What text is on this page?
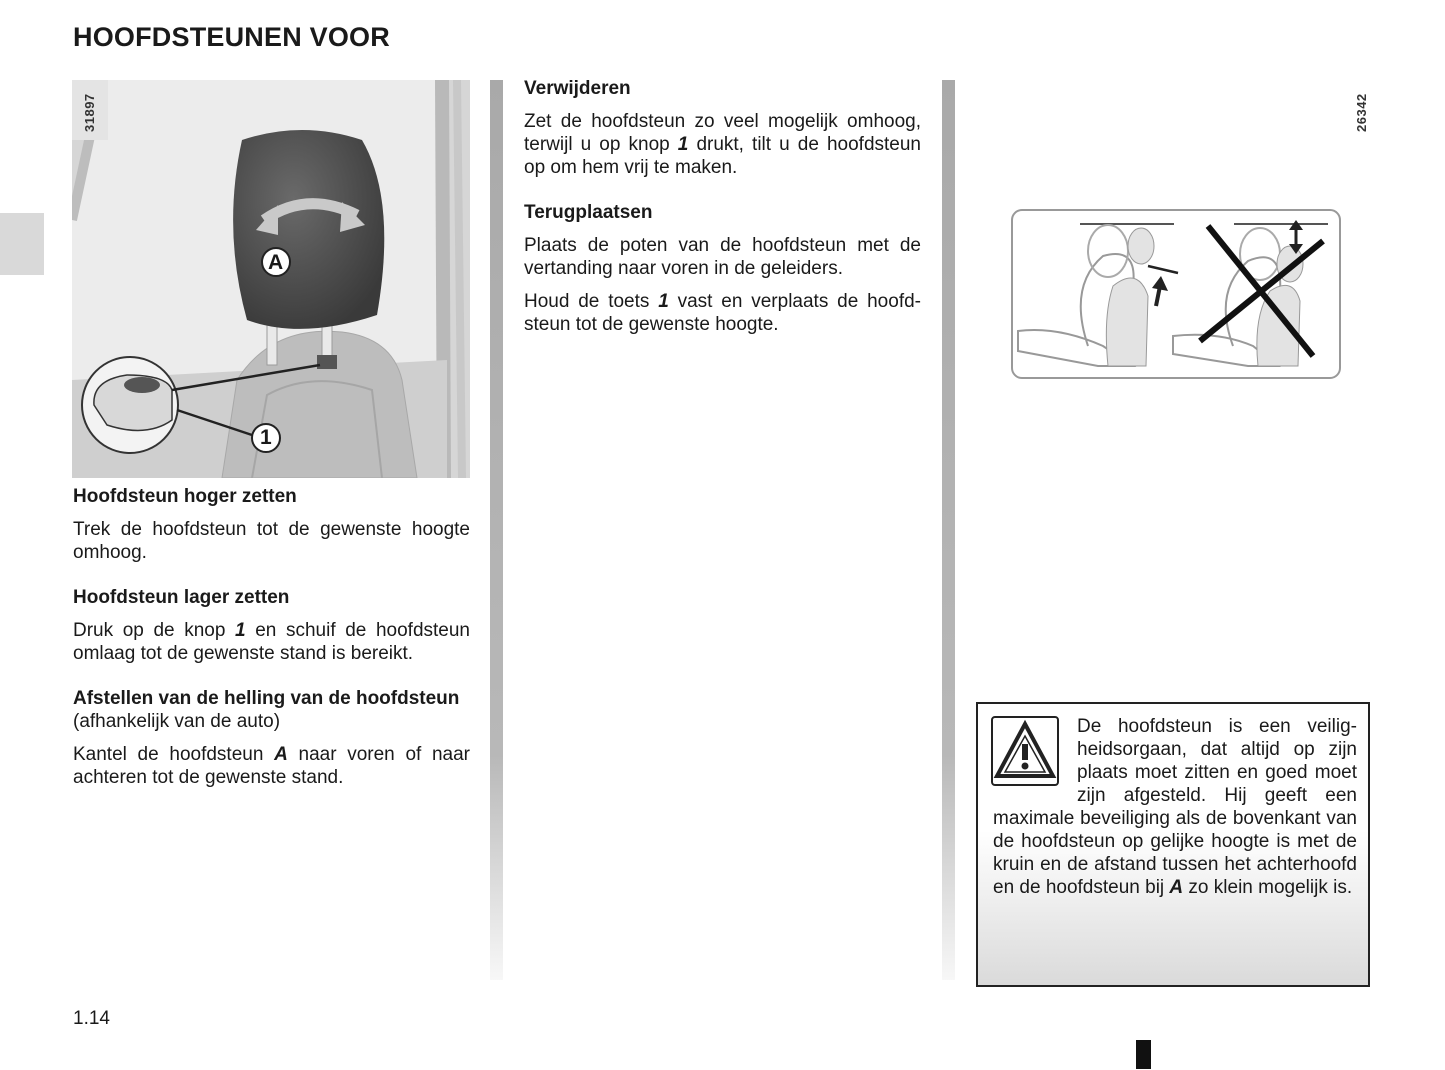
HOOFDSTEUNEN VOOR
A
1
31897

Hoofdsteun hoger zetten

Trek de hoofdsteun tot de gewenste hoogte omhoog.

Hoofdsteun lager zetten

Druk op de knop 1 en schuif de hoofdsteun omlaag tot de gewenste stand is bereikt.

Afstellen van de helling van de hoofdsteun

(afhankelijk van de auto)

Kantel de hoofdsteun A naar voren of naar achteren tot de gewenste stand.

Verwijderen

Zet de hoofdsteun zo veel mogelijk omhoog, terwijl u op knop 1 drukt, tilt u de hoofdsteun op om hem vrij te maken.

Terugplaatsen

Plaats de poten van de hoofdsteun met de vertanding naar voren in de geleiders.

Houd de toets 1 vast en verplaats de hoofdsteun tot de gewenste hoogte.

26342
De hoofdsteun is een veiligheidsorgaan, dat altijd op zijn plaats moet zitten en goed moet zijn afgesteld. Hij geeft een maximale beveiliging als de bovenkant van de hoofdsteun op gelijke hoogte is met de kruin en de afstand tussen het achterhoofd en de hoofdsteun bij A zo klein mogelijk is.
1.14
